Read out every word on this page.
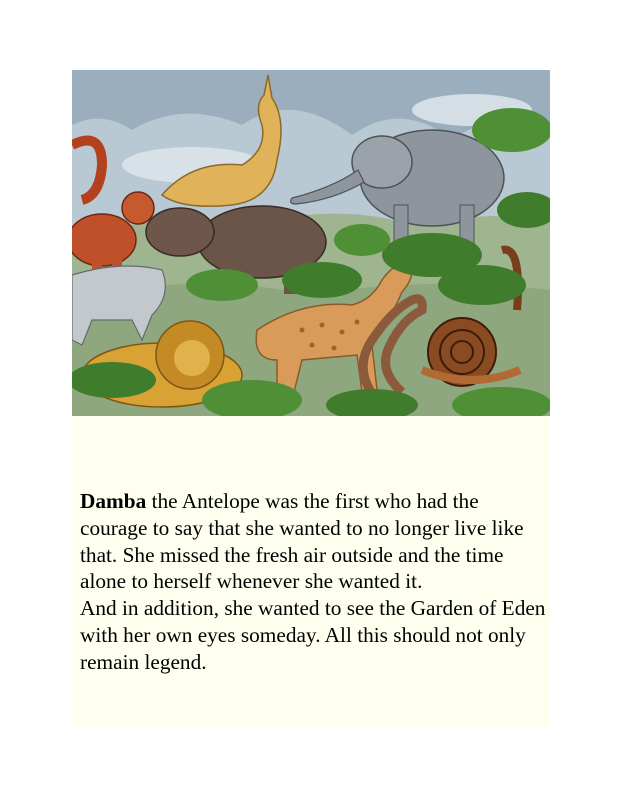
Damba the Antelope was the first who had the courage to say that she wanted to no longer live like that. She missed the fresh air outside and the time alone to herself whenever she wanted it.

And in addition, she wanted to see the Garden of Eden with her own eyes someday. All this should not only remain legend.
